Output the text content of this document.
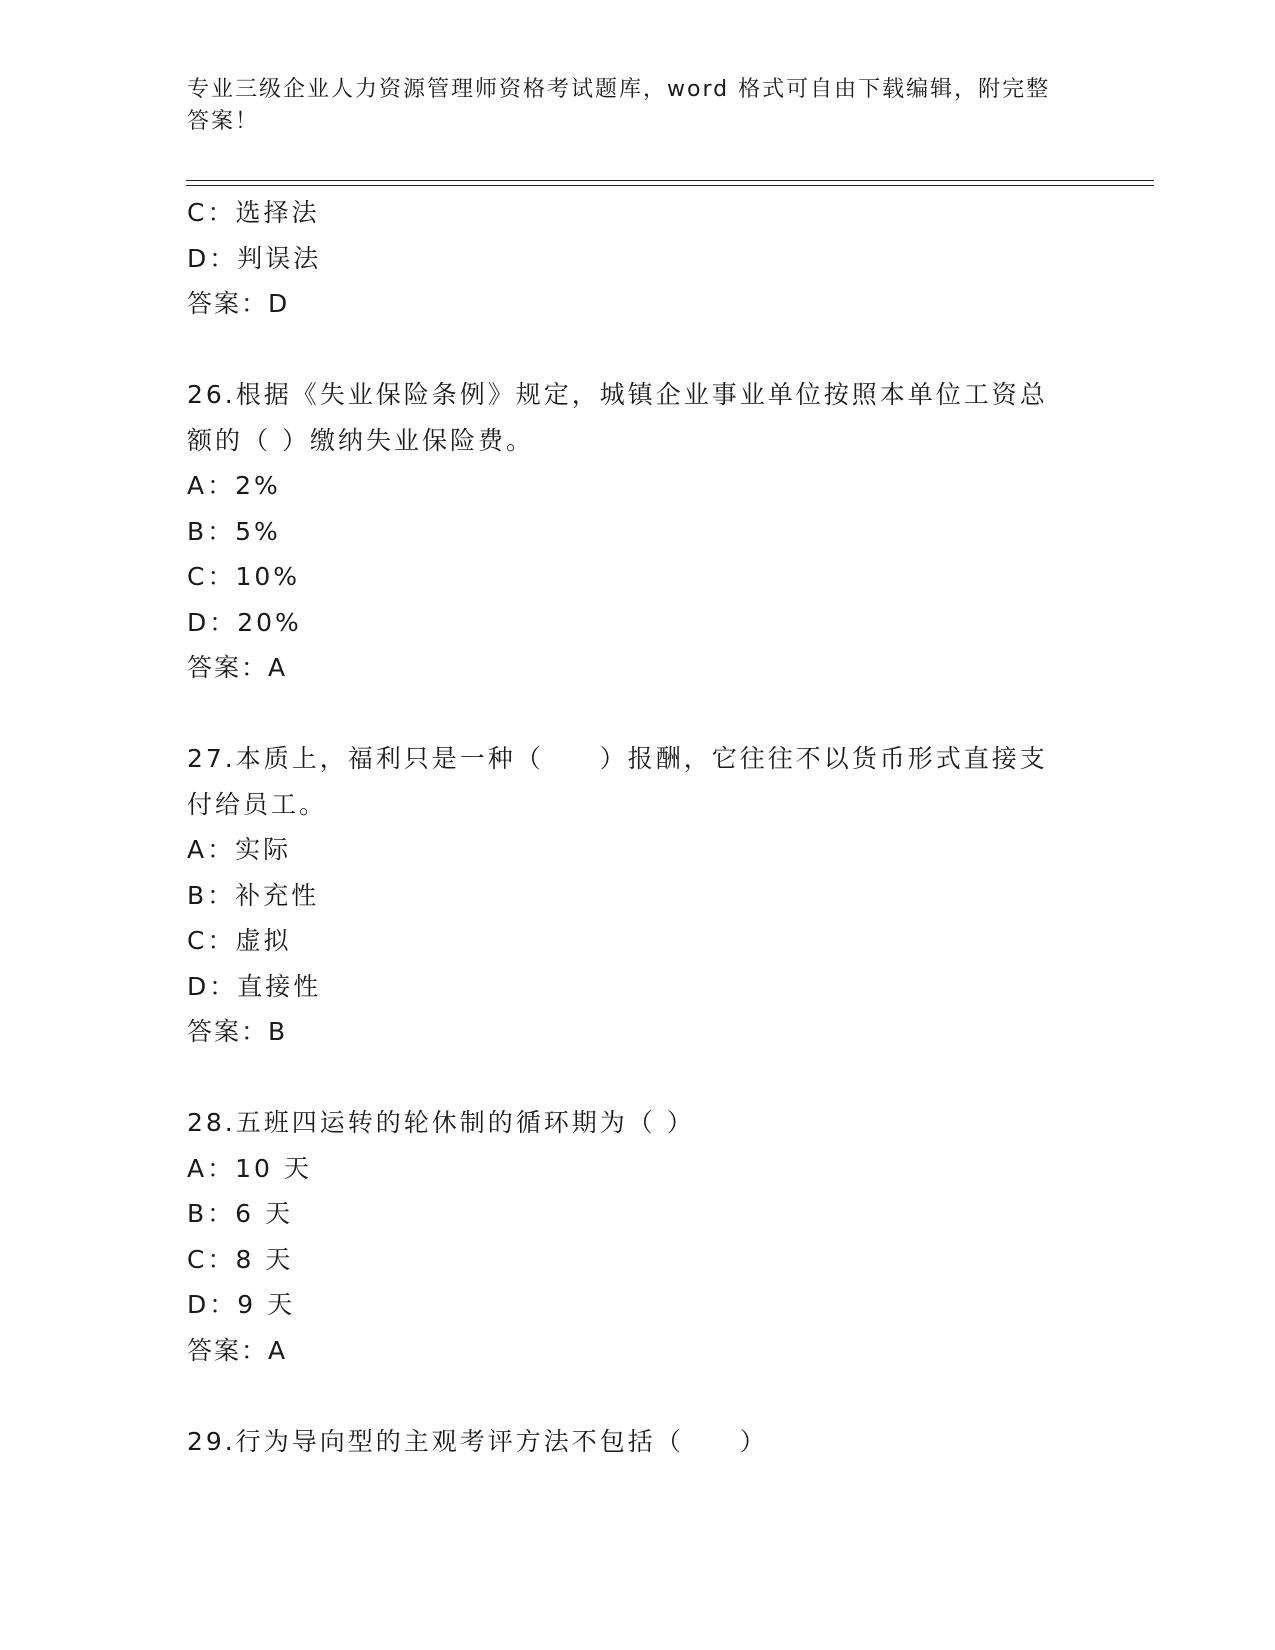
专业三级企业人力资源管理师资格考试题库，word 格式可自由下载编辑，附完整
答案！
C：选择法
D：判误法
答案：D
26.根据《失业保险条例》规定，城镇企业事业单位按照本单位工资总
额的（ ）缴纳失业保险费。
A：2%
B：5%
C：10%
D：20%
答案：A
27.本质上，福利只是一种（　　）报酬，它往往不以货币形式直接支
付给员工。
A：实际
B：补充性
C：虚拟
D：直接性
答案：B
28.五班四运转的轮休制的循环期为（ ）
A：10 天
B：6 天
C：8 天
D：9 天
答案：A
29.行为导向型的主观考评方法不包括（　　）
